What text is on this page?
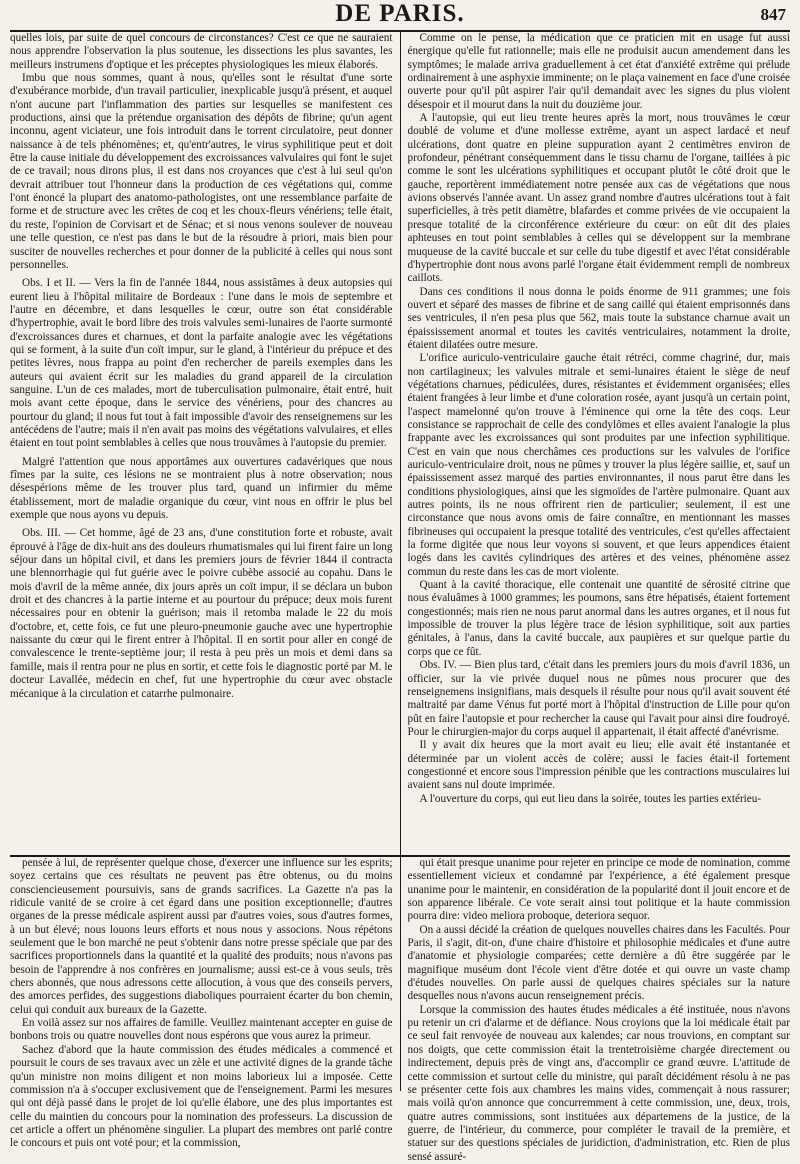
DE PARIS.	847

quelles lois, par suite de quel concours de circonstances? C'est ce que ne sauraient nous apprendre l'observation la plus soutenue, les dissections les plus savantes, les meilleurs instrumens d'optique et les préceptes physiologiques les mieux élaborés.

Imbu que nous sommes, quant à nous, qu'elles sont le résultat d'une sorte d'exubérance morbide, d'un travail particulier, inexplicable jusqu'à présent, et auquel n'ont aucune part l'inflammation des parties sur lesquelles se manifestent ces productions, ainsi que la prétendue organisation des dépôts de fibrine; qu'un agent inconnu, agent viciateur, une fois introduit dans le torrent circulatoire, peut donner naissance à de tels phénomènes; et, qu'entr'autres, le virus syphilitique peut et doit être la cause initiale du développement des excroissances valvulaires qui font le sujet de ce travail; nous dirons plus, il est dans nos croyances que c'est à lui seul qu'on devrait attribuer tout l'honneur dans la production de ces végétations qui, comme l'ont énoncé la plupart des anatomo-pathologistes, ont une ressemblance parfaite de forme et de structure avec les crêtes de coq et les choux-fleurs vénériens; telle était, du reste, l'opinion de Corvisart et de Sénac; et si nous venons soulever de nouveau une telle question, ce n'est pas dans le but de la résoudre à priori, mais bien pour susciter de nouvelles recherches et pour donner de la publicité à celles qui nous sont personnelles.

Obs. I et II. — Vers la fin de l'année 1844, nous assistâmes à deux autopsies qui eurent lieu à l'hôpital militaire de Bordeaux : l'une dans le mois de septembre et l'autre en décembre, et dans lesquelles le cœur, outre son état considérable d'hypertrophie, avait le bord libre des trois valvules semi-lunaires de l'aorte surmonté d'excroissances dures et charnues, et dont la parfaite analogie avec les végétations qui se forment, à la suite d'un coït impur, sur le gland, à l'intérieur du prépuce et des petites lèvres, nous frappa au point d'en rechercher de pareils exemples dans les auteurs qui avaient écrit sur les maladies du grand appareil de la circulation sanguine. L'un de ces malades, mort de tuberculisation pulmonaire, était entré, huit mois avant cette époque, dans le service des vénériens, pour des chancres au pourtour du gland; il nous fut tout à fait impossible d'avoir des renseignemens sur les antécédens de l'autre; mais il n'en avait pas moins des végétations valvulaires, et elles étaient en tout point semblables à celles que nous trouvâmes à l'autopsie du premier.

Malgré l'attention que nous apportâmes aux ouvertures cadavériques que nous fîmes par la suite, ces lésions ne se montraient plus à notre observation; nous désespérions même de les trouver plus tard, quand un infirmier du même établissement, mort de maladie organique du cœur, vint nous en offrir le plus bel exemple que nous ayons vu depuis.

Obs. III. — Cet homme, âgé de 23 ans, d'une constitution forte et robuste, avait éprouvé à l'âge de dix-huit ans des douleurs rhumatismales qui lui firent faire un long séjour dans un hôpital civil, et dans les premiers jours de février 1844 il contracta une blennorrhagie qui fut guérie avec le poivre cubèbe associé au copahu. Dans le mois d'avril de la même année, dix jours après un coït impur, il se déclara un bubon droit et des chancres à la partie interne et au pourtour du prépuce; deux mois furent nécessaires pour en obtenir la guérison; mais il retomba malade le 22 du mois d'octobre, et, cette fois, ce fut une pleuro-pneumonie gauche avec une hypertrophie naissante du cœur qui le firent entrer à l'hôpital. Il en sortit pour aller en congé de convalescence le trente-septième jour; il resta à peu près un mois et demi dans sa famille, mais il rentra pour ne plus en sortir, et cette fois le diagnostic porté par M. le docteur Lavallée, médecin en chef, fut une hypertrophie du cœur avec obstacle mécanique à la circulation et catarrhe pulmonaire.

Comme on le pense, la médication que ce praticien mit en usage fut aussi énergique qu'elle fut rationnelle; mais elle ne produisit aucun amendement dans les symptômes; le malade arriva graduellement à cet état d'anxiété extrême qui prélude ordinairement à une asphyxie imminente; on le plaça vainement en face d'une croisée ouverte pour qu'il pût aspirer l'air qu'il demandait avec les signes du plus violent désespoir et il mourut dans la nuit du douzième jour.

A l'autopsie, qui eut lieu trente heures après la mort, nous trouvâmes le cœur doublé de volume et d'une mollesse extrême, ayant un aspect lardacé et neuf ulcérations, dont quatre en pleine suppuration ayant 2 centimètres environ de profondeur, pénétrant conséquemment dans le tissu charnu de l'organe, taillées à pic comme le sont les ulcérations syphilitiques et occupant plutôt le côté droit que le gauche, reportèrent immédiatement notre pensée aux cas de végétations que nous avions observés l'année avant. Un assez grand nombre d'autres ulcérations tout à fait superficielles, à très petit diamètre, blafardes et comme privées de vie occupaient la presque totalité de la circonférence extérieure du cœur: on eût dit des plaies aphteuses en tout point semblables à celles qui se développent sur la membrane muqueuse de la cavité buccale et sur celle du tube digestif et avec l'état considérable d'hypertrophie dont nous avons parlé l'organe était évidemment rempli de nombreux caillots.

Dans ces conditions il nous donna le poids énorme de 911 grammes; une fois ouvert et séparé des masses de fibrine et de sang caillé qui étaient emprisonnés dans ses ventricules, il n'en pesa plus que 562, mais toute la substance charnue avait un épaississement anormal et toutes les cavités ventriculaires, notamment la droite, étaient dilatées outre mesure.

L'orifice auriculo-ventriculaire gauche était rétréci, comme chagriné, dur, mais non cartilagineux; les valvules mitrale et semi-lunaires étaient le siège de neuf végétations charnues, pédiculées, dures, résistantes et évidemment organisées; elles étaient frangées à leur limbe et d'une coloration rosée, ayant jusqu'à un certain point, l'aspect mamelonné qu'on trouve à l'éminence qui orne la tête des coqs. Leur consistance se rapprochait de celle des condylômes et elles avaient l'analogie la plus frappante avec les excroissances qui sont produites par une infection syphilitique. C'est en vain que nous cherchâmes ces productions sur les valvules de l'orifice auriculo-ventriculaire droit, nous ne pûmes y trouver la plus légère saillie, et, sauf un épaississement assez marqué des parties environnantes, il nous parut être dans les conditions physiologiques, ainsi que les sigmoïdes de l'artère pulmonaire. Quant aux autres points, ils ne nous offrirent rien de particulier; seulement, il est une circonstance que nous avons omis de faire connaître, en mentionnant les masses fibrineuses qui occupaient la presque totalité des ventricules, c'est qu'elles affectaient la forme digitée que nous leur voyons si souvent, et que leurs appendices étaient logés dans les cavités cylindriques des artères et des veines, phénomène assez commun du reste dans les cas de mort violente.

Quant à la cavité thoracique, elle contenait une quantité de sérosité citrine que nous évaluâmes à 1000 grammes; les poumons, sans être hépatisés, étaient fortement congestionnés; mais rien ne nous parut anormal dans les autres organes, et il nous fut impossible de trouver la plus légère trace de lésion syphilitique, soit aux parties génitales, à l'anus, dans la cavité buccale, aux paupières et sur quelque partie du corps que ce fût.

Obs. IV. — Bien plus tard, c'était dans les premiers jours du mois d'avril 1836, un officier, sur la vie privée duquel nous ne pûmes nous procurer que des renseignemens insignifians, mais desquels il résulte pour nous qu'il avait souvent été maltraité par dame Vénus fut porté mort à l'hôpital d'instruction de Lille pour qu'on pût en faire l'autopsie et pour rechercher la cause qui l'avait pour ainsi dire foudroyé. Pour le chirurgien-major du corps auquel il appartenait, il était affecté d'anévrisme.

Il y avait dix heures que la mort avait eu lieu; elle avait été instantanée et déterminée par un violent accès de colère; aussi le facies était-il fortement congestionné et encore sous l'impression pénible que les contractions musculaires lui avaient sans nul doute imprimée.

A l'ouverture du corps, qui eut lieu dans la soirée, toutes les parties extérieu-

pensée à lui, de représenter quelque chose, d'exercer une influence sur les esprits; soyez certains que ces résultats ne peuvent pas être obtenus, ou du moins consciencieusement poursuivis, sans de grands sacrifices. La Gazette n'a pas la ridicule vanité de se croire à cet égard dans une position exceptionnelle; d'autres organes de la presse médicale aspirent aussi par d'autres voies, sous d'autres formes, à un but élevé; nous louons leurs efforts et nous nous y associons. Nous répétons seulement que le bon marché ne peut s'obtenir dans notre presse spéciale que par des sacrifices proportionnels dans la quantité et la qualité des produits; nous n'avons pas besoin de l'apprendre à nos confrères en journalisme; aussi est-ce à vous seuls, très chers abonnés, que nous adressons cette allocution, à vous que des conseils pervers, des amorces perfides, des suggestions diaboliques pourraient écarter du bon chemin, celui qui conduit aux bureaux de la Gazette.

En voilà assez sur nos affaires de famille. Veuillez maintenant accepter en guise de bonbons trois ou quatre nouvelles dont nous espérons que vous aurez la primeur.

Sachez d'abord que la haute commission des études médicales a commencé et poursuit le cours de ses travaux avec un zèle et une activité dignes de la grande tâche qu'un ministre non moins diligent et non moins laborieux lui a imposée. Cette commission n'a à s'occuper exclusivement que de l'enseignement. Parmi les mesures qui ont déjà passé dans le projet de loi qu'elle élabore, une des plus importantes est celle du maintien du concours pour la nomination des professeurs. La discussion de cet article a offert un phénomène singulier. La plupart des membres ont parlé contre le concours et puis ont voté pour; et la commission,

qui était presque unanime pour rejeter en principe ce mode de nomination, comme essentiellement vicieux et condamné par l'expérience, a été également presque unanime pour le maintenir, en considération de la popularité dont il jouit encore et de son apparence libérale. Ce vote serait ainsi tout politique et la haute commission pourra dire: video meliora proboque, deteriora sequor.

On a aussi décidé la création de quelques nouvelles chaires dans les Facultés. Pour Paris, il s'agit, dit-on, d'une chaire d'histoire et philosophie médicales et d'une autre d'anatomie et physiologie comparées; cette dernière a dû être suggérée par le magnifique muséum dont l'école vient d'être dotée et qui ouvre un vaste champ d'études nouvelles. On parle aussi de quelques chaires spéciales sur la nature desquelles nous n'avons aucun renseignement précis.

Lorsque la commission des hautes études médicales a été instituée, nous n'avons pu retenir un cri d'alarme et de défiance. Nous croyions que la loi médicale était par ce seul fait renvoyée de nouveau aux kalendes; car nous trouvions, en comptant sur nos doigts, que cette commission était la trentetroisième chargée directement ou indirectement, depuis près de vingt ans, d'accomplir ce grand œuvre. L'attitude de cette commission et surtout celle du ministre, qui paraît décidément résolu à ne pas se présenter cette fois aux chambres les mains vides, commençait à nous rassurer; mais voilà qu'on annonce que concurremment à cette commission, une, deux, trois, quatre autres commissions, sont instituées aux départemens de la justice, de la guerre, de l'intérieur, du commerce, pour compléter le travail de la première, et statuer sur des questions spéciales de juridiction, d'administration, etc. Rien de plus sensé assuré-
